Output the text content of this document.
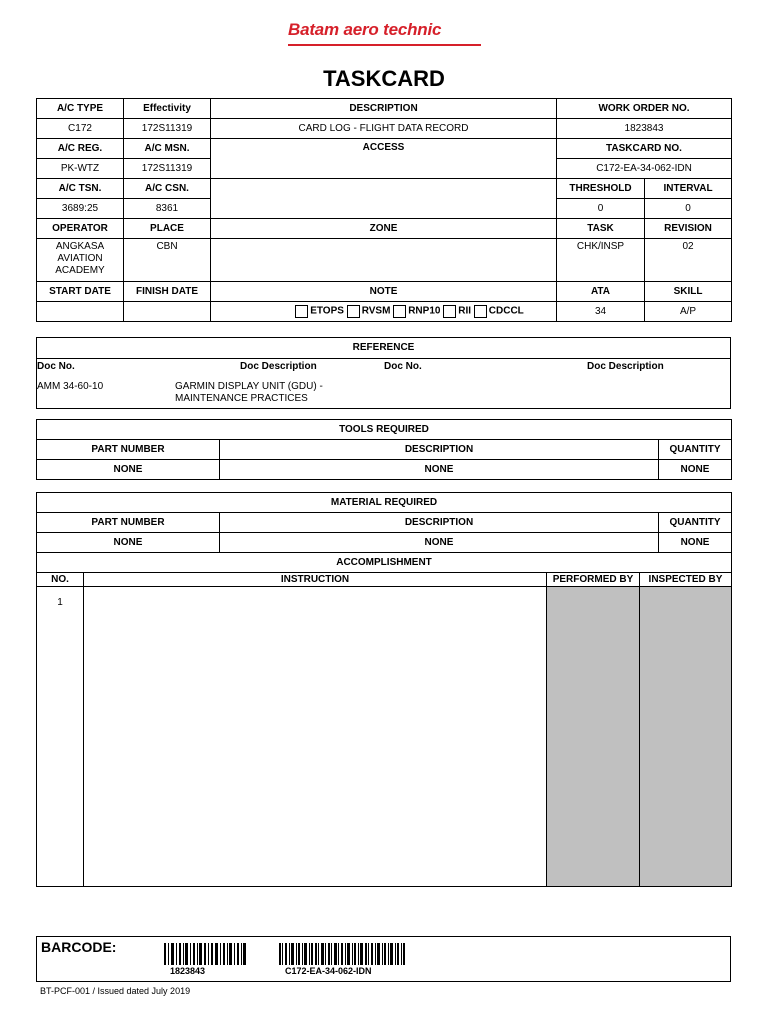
Batam aero technic
TASKCARD
A/C TYPE	Effectivity	DESCRIPTION	WORK ORDER NO.	
C172	172S11319	CARD LOG - FLIGHT DATA RECORD	1823843	
A/C REG.	A/C MSN.	ACCESS	TASKCARD NO.	
PK-WTZ	172S11319		C172-EA-34-062-IDN	
A/C TSN.	A/C CSN.		THRESHOLD	INTERVAL
3689:25	8361		0	0
OPERATOR	PLACE	ZONE	TASK	REVISION
ANGKASA AVIATION ACADEMY	CBN		CHK/INSP	02
START DATE	FINISH DATE	NOTE	ATA	SKILL
		ETOPS RVSM RNP10 RII CDCCL	34	A/P
REFERENCE
Doc No.	Doc Description	Doc No.	Doc Description
AMM 34-60-10	GARMIN DISPLAY UNIT (GDU) - MAINTENANCE PRACTICES
TOOLS REQUIRED		
PART NUMBER	DESCRIPTION	QUANTITY
NONE	NONE	NONE
MATERIAL REQUIRED		
PART NUMBER	DESCRIPTION	QUANTITY
NONE	NONE	NONE
ACCOMPLISHMENT		
NO.	INSTRUCTION	PERFORMED BY	INSPECTED BY
1			
BARCODE:
1823843	C172-EA-34-062-IDN
BT-PCF-001 / Issued dated July 2019
